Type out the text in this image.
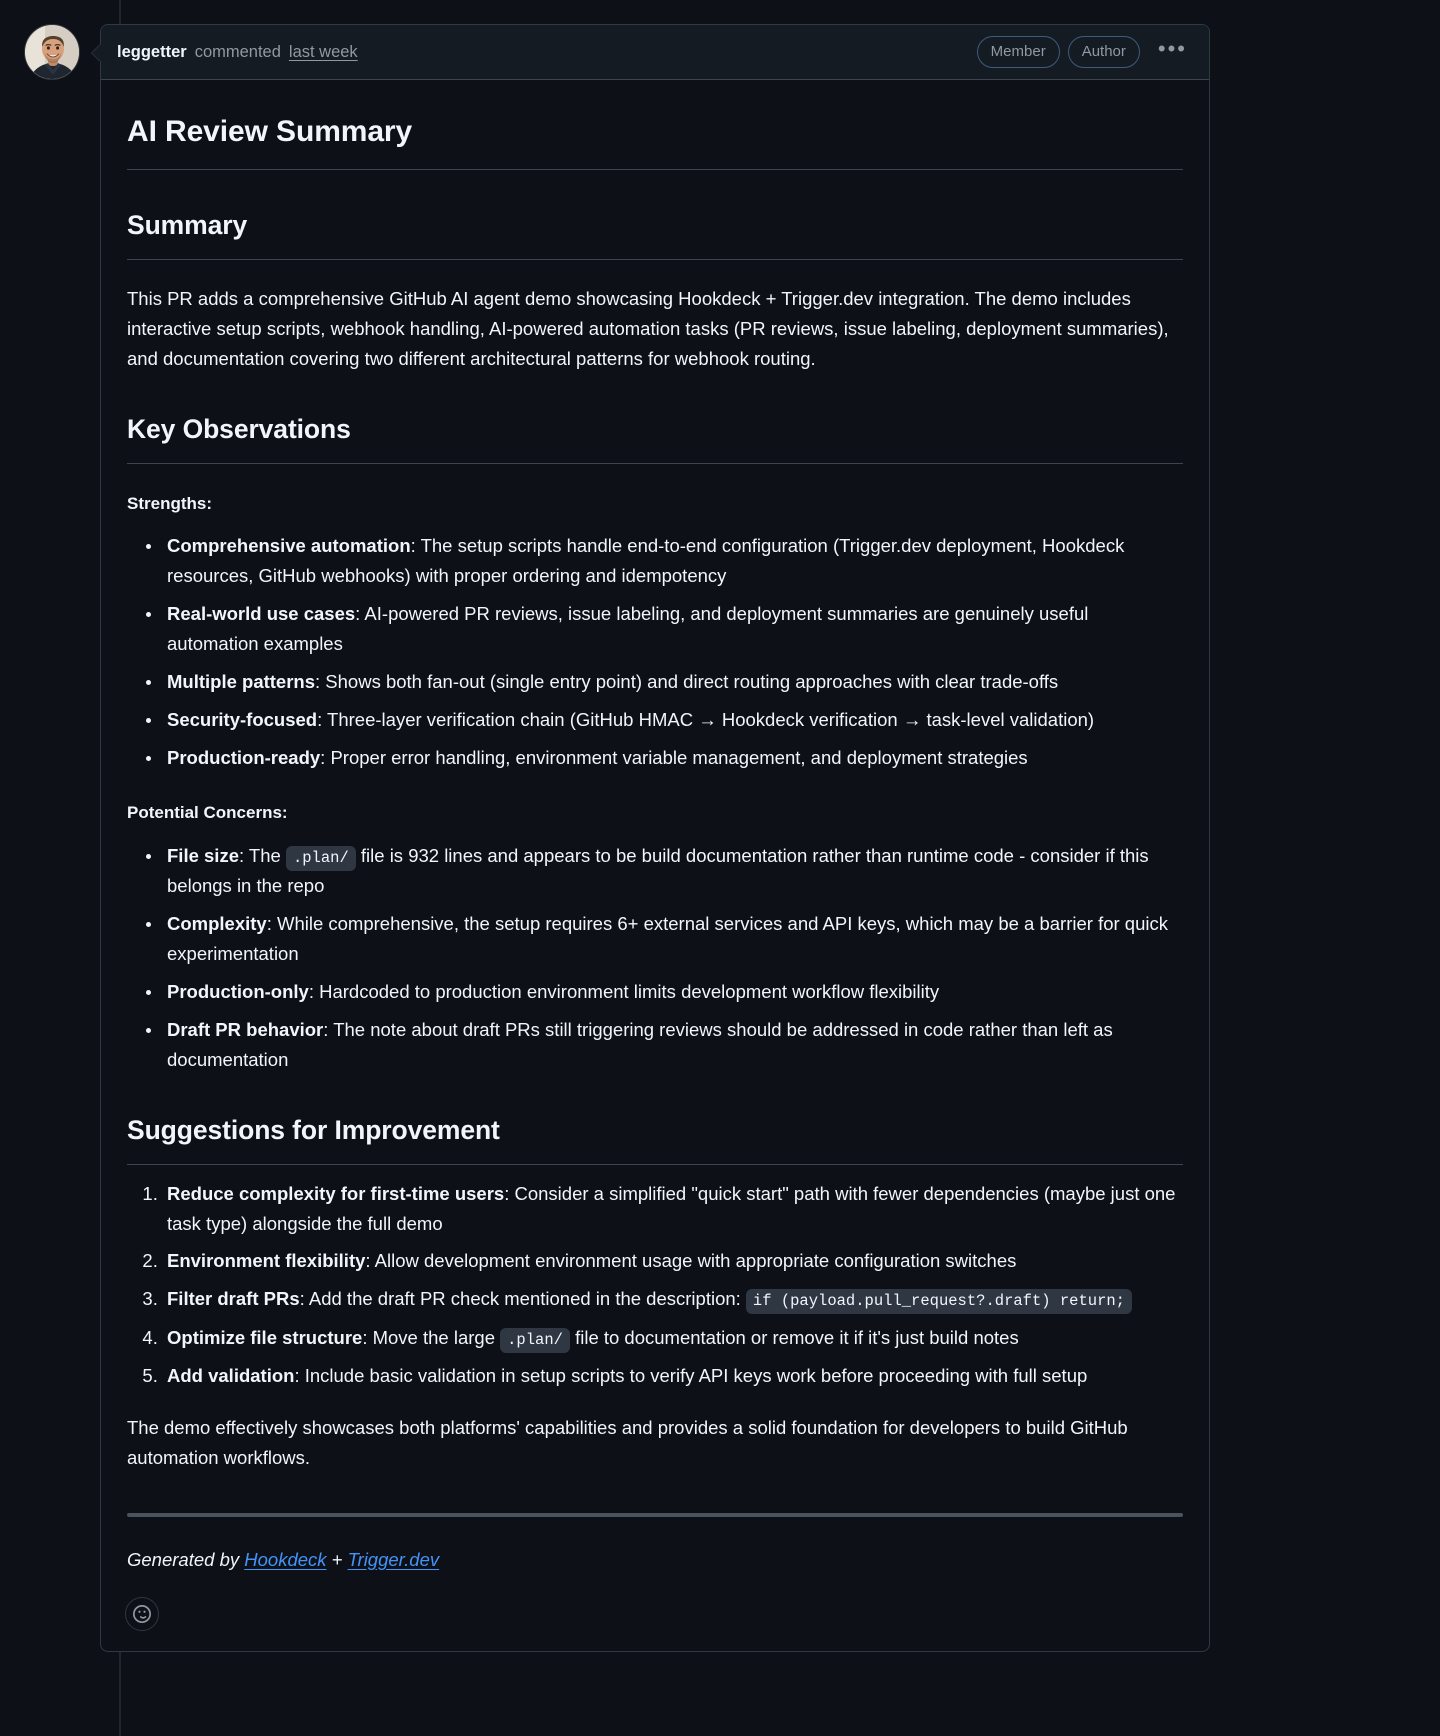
leggetter commented last week	Member	Author	•••
AI Review Summary
Summary

This PR adds a comprehensive GitHub AI agent demo showcasing Hookdeck + Trigger.dev integration. The demo includes interactive setup scripts, webhook handling, AI-powered automation tasks (PR reviews, issue labeling, deployment summaries), and documentation covering two different architectural patterns for webhook routing.

Key Observations

Strengths:

• Comprehensive automation: The setup scripts handle end-to-end configuration (Trigger.dev deployment, Hookdeck resources, GitHub webhooks) with proper ordering and idempotency
• Real-world use cases: AI-powered PR reviews, issue labeling, and deployment summaries are genuinely useful automation examples
• Multiple patterns: Shows both fan-out (single entry point) and direct routing approaches with clear trade-offs
• Security-focused: Three-layer verification chain (GitHub HMAC → Hookdeck verification → task-level validation)
• Production-ready: Proper error handling, environment variable management, and deployment strategies

Potential Concerns:

• File size: The .plan/ file is 932 lines and appears to be build documentation rather than runtime code - consider if this belongs in the repo
• Complexity: While comprehensive, the setup requires 6+ external services and API keys, which may be a barrier for quick experimentation
• Production-only: Hardcoded to production environment limits development workflow flexibility
• Draft PR behavior: The note about draft PRs still triggering reviews should be addressed in code rather than left as documentation
Suggestions for Improvement
1. Reduce complexity for first-time users: Consider a simplified "quick start" path with fewer dependencies (maybe just one task type) alongside the full demo
2. Environment flexibility: Allow development environment usage with appropriate configuration switches
3. Filter draft PRs: Add the draft PR check mentioned in the description: if (payload.pull_request?.draft) return;
4. Optimize file structure: Move the large .plan/ file to documentation or remove it if it's just build notes
5. Add validation: Include basic validation in setup scripts to verify API keys work before proceeding with full setup

The demo effectively showcases both platforms' capabilities and provides a solid foundation for developers to build GitHub automation workflows.

Generated by Hookdeck + Trigger.dev
